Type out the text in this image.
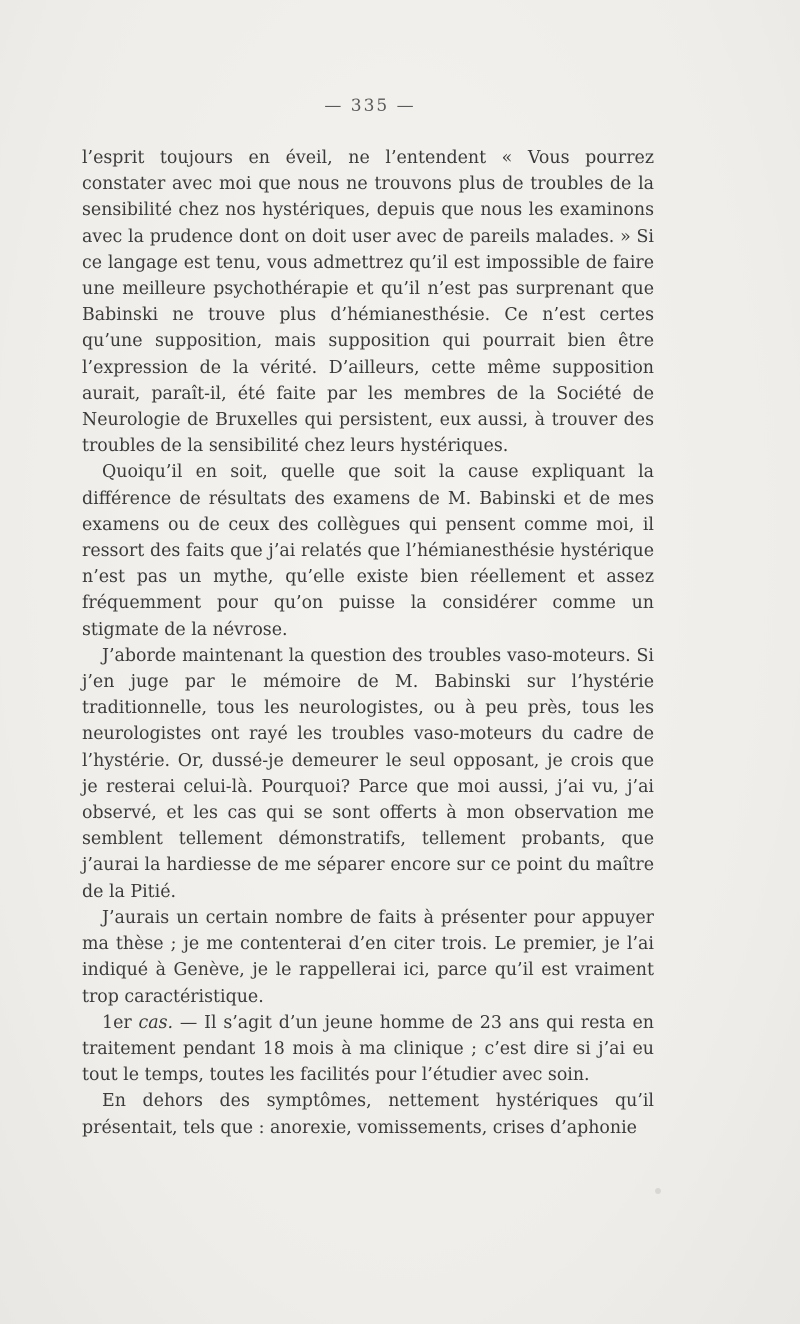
— 335 —

l’esprit toujours en éveil, ne l’entendent « Vous pourrez constater avec moi que nous ne trouvons plus de troubles de la sensibilité chez nos hystériques, depuis que nous les examinons avec la prudence dont on doit user avec de pareils malades. » Si ce langage est tenu, vous admettrez qu’il est impossible de faire une meilleure psychothérapie et qu’il n’est pas surprenant que Babinski ne trouve plus d’hémianesthésie. Ce n’est certes qu’une supposition, mais supposition qui pourrait bien être l’expression de la vérité. D’ailleurs, cette même supposition aurait, paraît-il, été faite par les membres de la Société de Neurologie de Bruxelles qui persistent, eux aussi, à trouver des troubles de la sensibilité chez leurs hystériques.

Quoiqu’il en soit, quelle que soit la cause expliquant la différence de résultats des examens de M. Babinski et de mes examens ou de ceux des collègues qui pensent comme moi, il ressort des faits que j’ai relatés que l’hémianesthésie hystérique n’est pas un mythe, qu’elle existe bien réellement et assez fréquemment pour qu’on puisse la considérer comme un stigmate de la névrose.

J’aborde maintenant la question des troubles vaso-moteurs. Si j’en juge par le mémoire de M. Babinski sur l’hystérie traditionnelle, tous les neurologistes, ou à peu près, tous les neurologistes ont rayé les troubles vaso-moteurs du cadre de l’hystérie. Or, dussé-je demeurer le seul opposant, je crois que je resterai celui-là. Pourquoi? Parce que moi aussi, j’ai vu, j’ai observé, et les cas qui se sont offerts à mon observation me semblent tellement démonstratifs, tellement probants, que j’aurai la hardiesse de me séparer encore sur ce point du maître de la Pitié.

J’aurais un certain nombre de faits à présenter pour appuyer ma thèse ; je me contenterai d’en citer trois. Le premier, je l’ai indiqué à Genève, je le rappellerai ici, parce qu’il est vraiment trop caractéristique.

1er cas. — Il s’agit d’un jeune homme de 23 ans qui resta en traitement pendant 18 mois à ma clinique ; c’est dire si j’ai eu tout le temps, toutes les facilités pour l’étudier avec soin.

En dehors des symptômes, nettement hystériques qu’il présentait, tels que : anorexie, vomissements, crises d’aphonie
